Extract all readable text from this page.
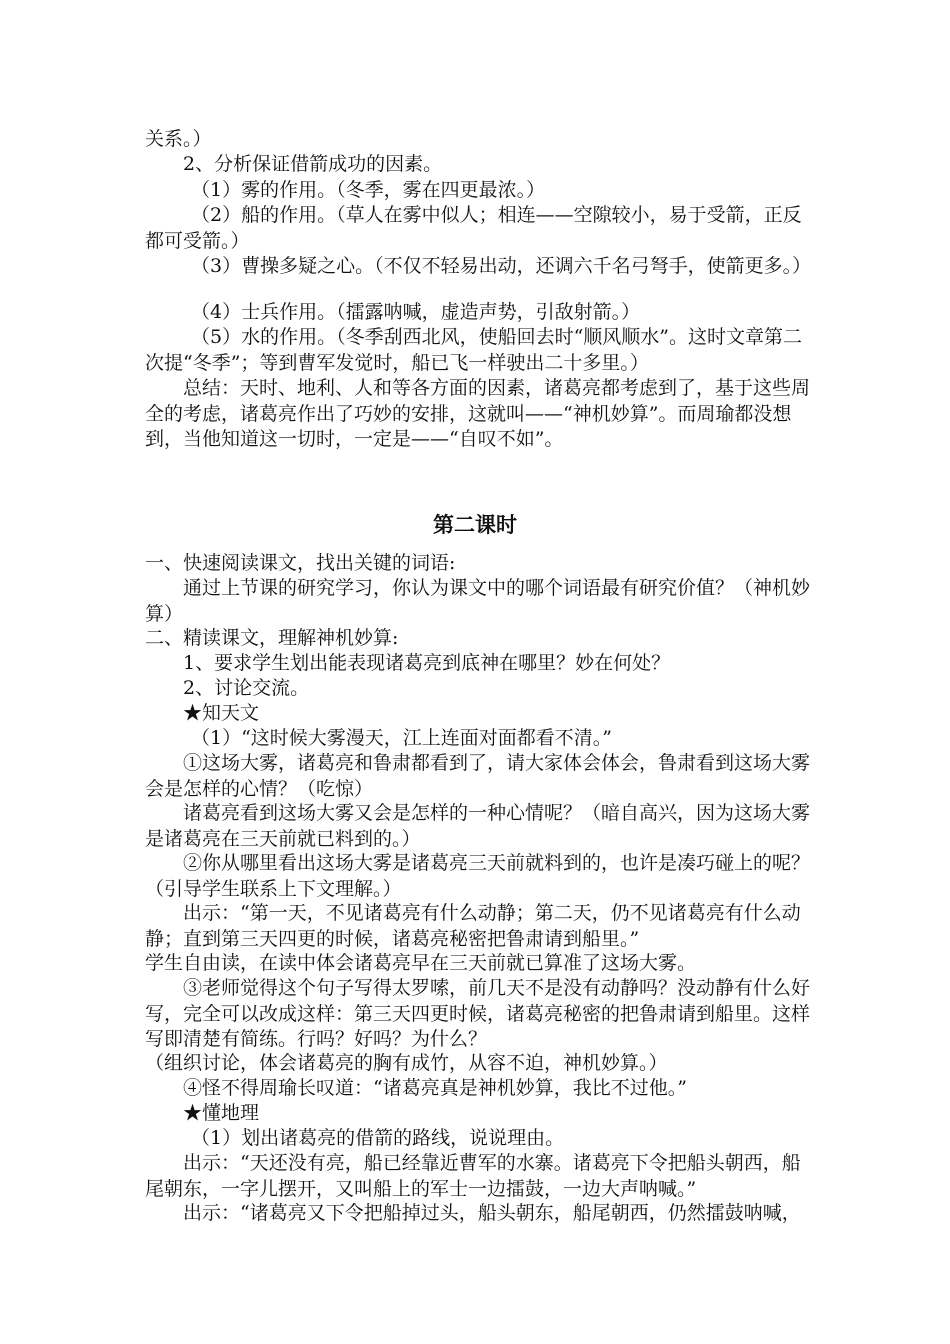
关系。）

2、分析保证借箭成功的因素。

（1）雾的作用。（冬季，雾在四更最浓。）

（2）船的作用。（草人在雾中似人；相连——空隙较小，易于受箭，正反都可受箭。）

（3）曹操多疑之心。（不仅不轻易出动，还调六千名弓弩手，使箭更多。）

（4）士兵作用。（擂露呐喊，虚造声势，引敌射箭。）

（5）水的作用。（冬季刮西北风，使船回去时“顺风顺水”。这时文章第二次提“冬季”；等到曹军发觉时，船已飞一样驶出二十多里。）

总结：天时、地利、人和等各方面的因素，诸葛亮都考虑到了，基于这些周全的考虑，诸葛亮作出了巧妙的安排，这就叫——“神机妙算”。而周瑜都没想到，当他知道这一切时，一定是——“自叹不如”。

第二课时

一、快速阅读课文，找出关键的词语:

通过上节课的研究学习，你认为课文中的哪个词语最有研究价值？（神机妙算）

二、精读课文，理解神机妙算:

1、要求学生划出能表现诸葛亮到底神在哪里？妙在何处？

2、讨论交流。

★知天文

（1）“这时候大雾漫天，江上连面对面都看不清。”

①这场大雾，诸葛亮和鲁肃都看到了，请大家体会体会，鲁肃看到这场大雾会是怎样的心情？（吃惊）

诸葛亮看到这场大雾又会是怎样的一种心情呢？（暗自高兴，因为这场大雾是诸葛亮在三天前就已料到的。）

②你从哪里看出这场大雾是诸葛亮三天前就料到的，也许是凑巧碰上的呢？（引导学生联系上下文理解。）

出示：“第一天，不见诸葛亮有什么动静；第二天，仍不见诸葛亮有什么动静；直到第三天四更的时候，诸葛亮秘密把鲁肃请到船里。”

学生自由读，在读中体会诸葛亮早在三天前就已算准了这场大雾。

③老师觉得这个句子写得太罗嗦，前几天不是没有动静吗？没动静有什么好写，完全可以改成这样：第三天四更时候，诸葛亮秘密的把鲁肃请到船里。这样写即清楚有简练。行吗？好吗？为什么？

（组织讨论，体会诸葛亮的胸有成竹，从容不迫，神机妙算。）

④怪不得周瑜长叹道：“诸葛亮真是神机妙算，我比不过他。”

★懂地理

（1）划出诸葛亮的借箭的路线，说说理由。

出示：“天还没有亮，船已经靠近曹军的水寨。诸葛亮下令把船头朝西，船尾朝东，一字儿摆开，又叫船上的军士一边擂鼓，一边大声呐喊。”

出示：“诸葛亮又下令把船掉过头，船头朝东，船尾朝西，仍然擂鼓呐喊，
